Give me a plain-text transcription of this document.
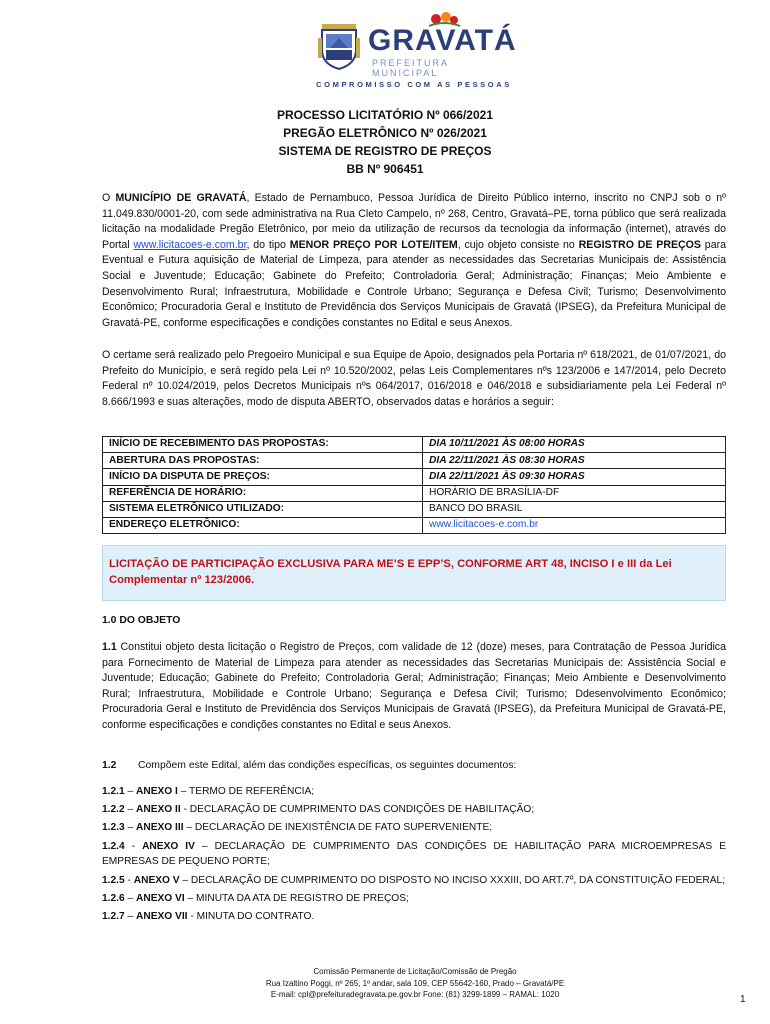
GRAVATÁ
PREFEITURA MUNICIPAL
COMPROMISSO COM AS PESSOAS
PROCESSO LICITATÓRIO Nº 066/2021
PREGÃO ELETRÔNICO Nº 026/2021
SISTEMA DE REGISTRO DE PREÇOS
BB Nº 906451
O MUNICÍPIO DE GRAVATÁ, Estado de Pernambuco, Pessoa Jurídica de Direito Público interno, inscrito no CNPJ sob o nº 11.049.830/0001-20, com sede administrativa na Rua Cleto Campelo, nº 268, Centro, Gravatá–PE, torna público que será realizada licitação na modalidade Pregão Eletrônico, por meio da utilização de recursos da tecnologia da informação (internet), através do Portal www.licitacoes-e.com.br, do tipo MENOR PREÇO POR LOTE/ITEM, cujo objeto consiste no REGISTRO DE PREÇOS para Eventual e Futura aquisição de Material de Limpeza, para atender as necessidades das Secretarias Municipais de: Assistência Social e Juventude; Educação; Gabinete do Prefeito; Controladoria Geral; Administração; Finanças; Meio Ambiente e Desenvolvimento Rural; Infraestrutura, Mobilidade e Controle Urbano; Segurança e Defesa Civil; Turismo; Desenvolvimento Econômico; Procuradoria Geral e Instituto de Previdência dos Serviços Municipais de Gravatá (IPSEG), da Prefeitura Municipal de Gravatá-PE, conforme especificações e condições constantes no Edital e seus Anexos.
O certame será realizado pelo Pregoeiro Municipal e sua Equipe de Apoio, designados pela Portaria nº 618/2021, de 01/07/2021, do Prefeito do Município, e será regido pela Lei nº 10.520/2002, pelas Leis Complementares nºs 123/2006 e 147/2014, pelo Decreto Federal nº 10.024/2019, pelos Decretos Municipais nºs 064/2017, 016/2018 e 046/2018 e subsidiariamente pela Lei Federal nº 8.666/1993 e suas alterações, modo de disputa ABERTO, observados datas e horários a seguir:
INÍCIO DE RECEBIMENTO DAS PROPOSTAS:	DIA 10/11/2021 ÀS 08:00 HORAS
ABERTURA DAS PROPOSTAS:	DIA 22/11/2021 ÀS 08:30 HORAS
INÍCIO DA DISPUTA DE PREÇOS:	DIA 22/11/2021 ÀS 09:30 HORAS
REFERÊNCIA DE HORÁRIO:	HORÁRIO DE BRASÍLIA-DF
SISTEMA ELETRÔNICO UTILIZADO:	BANCO DO BRASIL
ENDEREÇO ELETRÔNICO:	www.licitacoes-e.com.br
LICITAÇÃO DE PARTICIPAÇÃO EXCLUSIVA PARA ME’S E EPP’S, CONFORME ART 48, INCISO I e III da Lei Complementar nº 123/2006.
1.0 DO OBJETO
1.1 Constitui objeto desta licitação o Registro de Preços, com validade de 12 (doze) meses, para Contratação de Pessoa Juridica para Fornecimento de Material de Limpeza para atender as necessidades das Secretarias Municipais de: Assistência Social e Juventude; Educação; Gabinete do Prefeito; Controladoria Geral; Administração; Finanças; Meio Ambiente e Desenvolvimento Rural; Infraestrutura, Mobilidade e Controle Urbano; Segurança e Defesa Civil; Turismo; Ddesenvolvimento Econômico; Procuradoria Geral e Instituto de Previdência dos Serviços Municipais de Gravatá (IPSEG), da Prefeitura Municipal de Gravatá-PE, conforme especificações e condições constantes no Edital e seus Anexos.
1.2 Compõem este Edital, além das condições específicas, os seguintes documentos:
1.2.1 – ANEXO I – TERMO DE REFERÊNCIA;
1.2.2 – ANEXO II - DECLARAÇÃO DE CUMPRIMENTO DAS CONDIÇÕES DE HABILITAÇÃO;
1.2.3 – ANEXO III – DECLARAÇÃO DE INEXISTÊNCIA DE FATO SUPERVENIENTE;
1.2.4 - ANEXO IV – DECLARAÇÃO DE CUMPRIMENTO DAS CONDIÇÕES DE HABILITAÇÃO PARA MICROEMPRESAS E EMPRESAS DE PEQUENO PORTE;
1.2.5 - ANEXO V – DECLARAÇÃO DE CUMPRIMENTO DO DISPOSTO NO INCISO XXXIII, DO ART.7º, DA CONSTITUIÇÃO FEDERAL;
1.2.6 – ANEXO VI – MINUTA DA ATA DE REGISTRO DE PREÇOS;
1.2.7 – ANEXO VII - MINUTA DO CONTRATO.
Comissão Permanente de Licitação/Comissão de Pregão
Rua Izaltino Poggi, nº 265, 1º andar, sala 109, CEP 55642-160, Prado – Gravatá/PE
E-mail: cpl@prefeituradegravata.pe.gov.br Fone: (81) 3299-1899 – RAMAL: 1020	1
